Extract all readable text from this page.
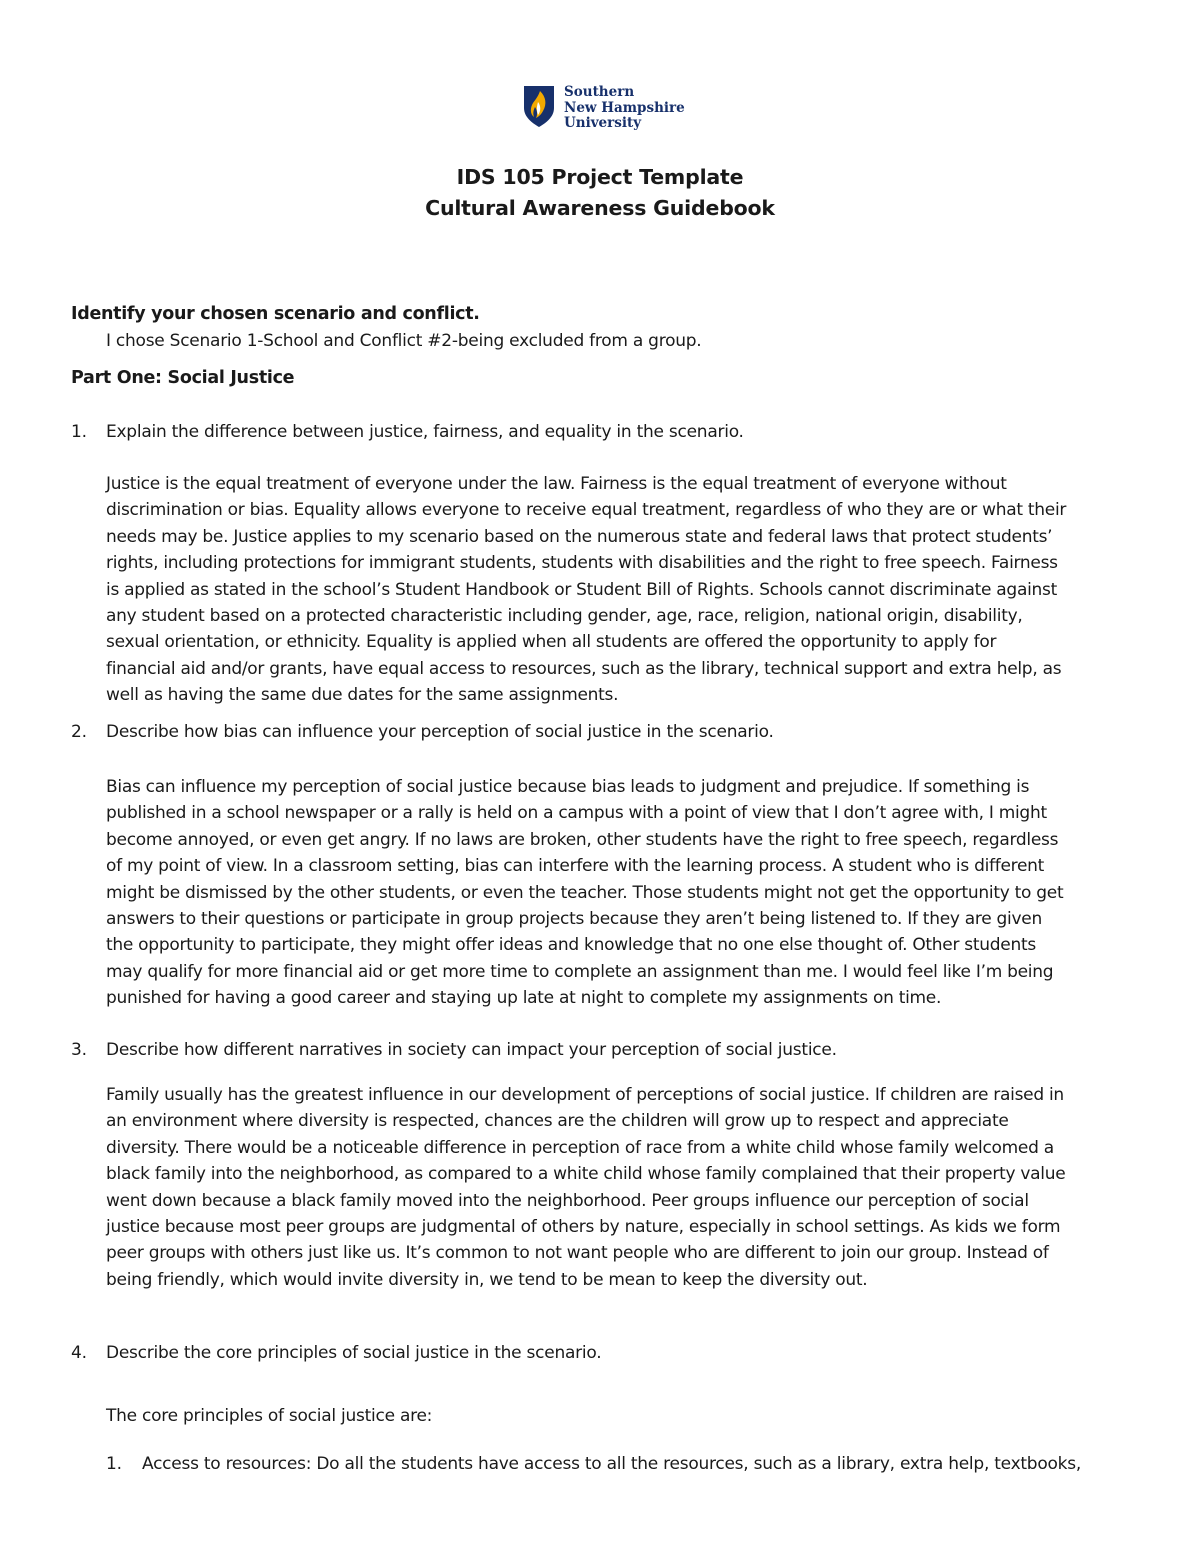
Southern
New Hampshire
University
IDS 105 Project Template
Cultural Awareness Guidebook
Identify your chosen scenario and conflict.
I chose Scenario 1-School and Conflict #2-being excluded from a group.
Part One: Social Justice
1. Explain the difference between justice, fairness, and equality in the scenario.
Justice is the equal treatment of everyone under the law. Fairness is the equal treatment of everyone without
discrimination or bias. Equality allows everyone to receive equal treatment, regardless of who they are or what their
needs may be. Justice applies to my scenario based on the numerous state and federal laws that protect students’
rights, including protections for immigrant students, students with disabilities and the right to free speech. Fairness
is applied as stated in the school’s Student Handbook or Student Bill of Rights. Schools cannot discriminate against
any student based on a protected characteristic including gender, age, race, religion, national origin, disability,
sexual orientation, or ethnicity. Equality is applied when all students are offered the opportunity to apply for
financial aid and/or grants, have equal access to resources, such as the library, technical support and extra help, as
well as having the same due dates for the same assignments.
2. Describe how bias can influence your perception of social justice in the scenario.
Bias can influence my perception of social justice because bias leads to judgment and prejudice. If something is
published in a school newspaper or a rally is held on a campus with a point of view that I don’t agree with, I might
become annoyed, or even get angry. If no laws are broken, other students have the right to free speech, regardless
of my point of view. In a classroom setting, bias can interfere with the learning process. A student who is different
might be dismissed by the other students, or even the teacher. Those students might not get the opportunity to get
answers to their questions or participate in group projects because they aren’t being listened to. If they are given
the opportunity to participate, they might offer ideas and knowledge that no one else thought of. Other students
may qualify for more financial aid or get more time to complete an assignment than me. I would feel like I’m being
punished for having a good career and staying up late at night to complete my assignments on time.
3. Describe how different narratives in society can impact your perception of social justice.
Family usually has the greatest influence in our development of perceptions of social justice. If children are raised in
an environment where diversity is respected, chances are the children will grow up to respect and appreciate
diversity. There would be a noticeable difference in perception of race from a white child whose family welcomed a
black family into the neighborhood, as compared to a white child whose family complained that their property value
went down because a black family moved into the neighborhood. Peer groups influence our perception of social
justice because most peer groups are judgmental of others by nature, especially in school settings. As kids we form
peer groups with others just like us. It’s common to not want people who are different to join our group. Instead of
being friendly, which would invite diversity in, we tend to be mean to keep the diversity out.
4. Describe the core principles of social justice in the scenario.
The core principles of social justice are:
1. Access to resources: Do all the students have access to all the resources, such as a library, extra help, textbooks,
